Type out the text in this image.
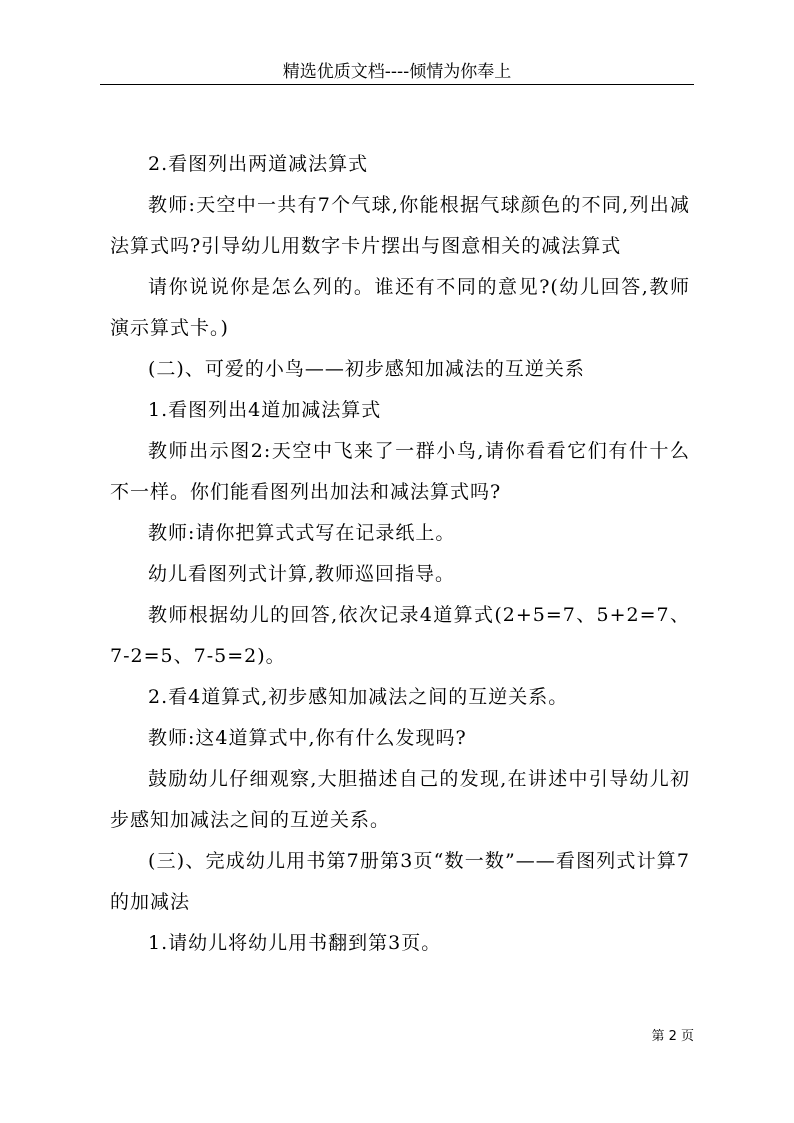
精选优质文档----倾情为你奉上

2.看图列出两道减法算式

教师:天空中一共有7个气球,你能根据气球颜色的不同,列出减法算式吗?引导幼儿用数字卡片摆出与图意相关的减法算式

请你说说你是怎么列的。谁还有不同的意见?(幼儿回答,教师演示算式卡。)

(二)、可爱的小鸟——初步感知加减法的互逆关系

1.看图列出4道加减法算式

教师出示图2:天空中飞来了一群小鸟,请你看看它们有什十么不一样。你们能看图列出加法和减法算式吗?

教师:请你把算式式写在记录纸上。

幼儿看图列式计算,教师巡回指导。

教师根据幼儿的回答,依次记录4道算式(2+5=7、5+2=7、7-2=5、7-5=2)。

2.看4道算式,初步感知加减法之间的互逆关系。

教师:这4道算式中,你有什么发现吗?

鼓励幼儿仔细观察,大胆描述自己的发现,在讲述中引导幼儿初步感知加减法之间的互逆关系。

(三)、完成幼儿用书第7册第3页“数一数”——看图列式计算7的加减法

1.请幼儿将幼儿用书翻到第3页。

第 2 页
